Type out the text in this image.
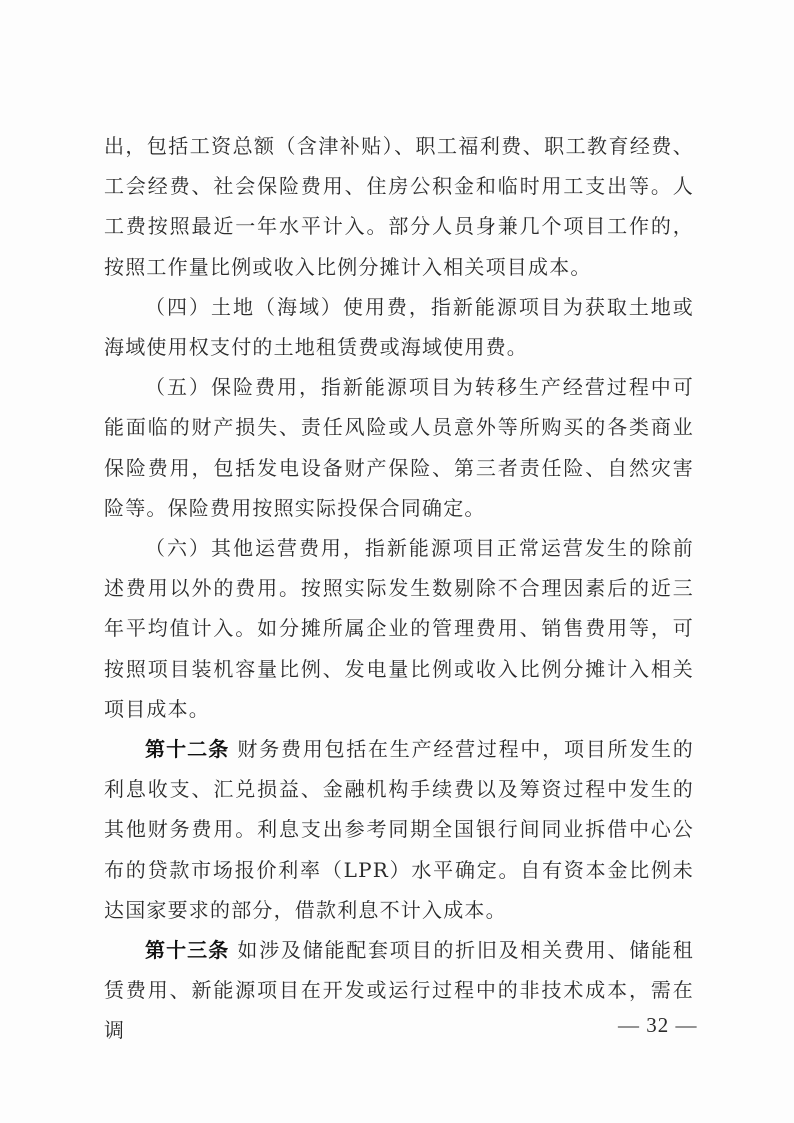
出，包括工资总额（含津补贴）、职工福利费、职工教育经费、工会经费、社会保险费用、住房公积金和临时用工支出等。人工费按照最近一年水平计入。部分人员身兼几个项目工作的，按照工作量比例或收入比例分摊计入相关项目成本。

（四）土地（海域）使用费，指新能源项目为获取土地或海域使用权支付的土地租赁费或海域使用费。

（五）保险费用，指新能源项目为转移生产经营过程中可能面临的财产损失、责任风险或人员意外等所购买的各类商业保险费用，包括发电设备财产保险、第三者责任险、自然灾害险等。保险费用按照实际投保合同确定。

（六）其他运营费用，指新能源项目正常运营发生的除前述费用以外的费用。按照实际发生数剔除不合理因素后的近三年平均值计入。如分摊所属企业的管理费用、销售费用等，可按照项目装机容量比例、发电量比例或收入比例分摊计入相关项目成本。

第十二条 财务费用包括在生产经营过程中，项目所发生的利息收支、汇兑损益、金融机构手续费以及筹资过程中发生的其他财务费用。利息支出参考同期全国银行间同业拆借中心公布的贷款市场报价利率（LPR）水平确定。自有资本金比例未达国家要求的部分，借款利息不计入成本。

第十三条 如涉及储能配套项目的折旧及相关费用、储能租赁费用、新能源项目在开发或运行过程中的非技术成本，需在调	— 32 —
